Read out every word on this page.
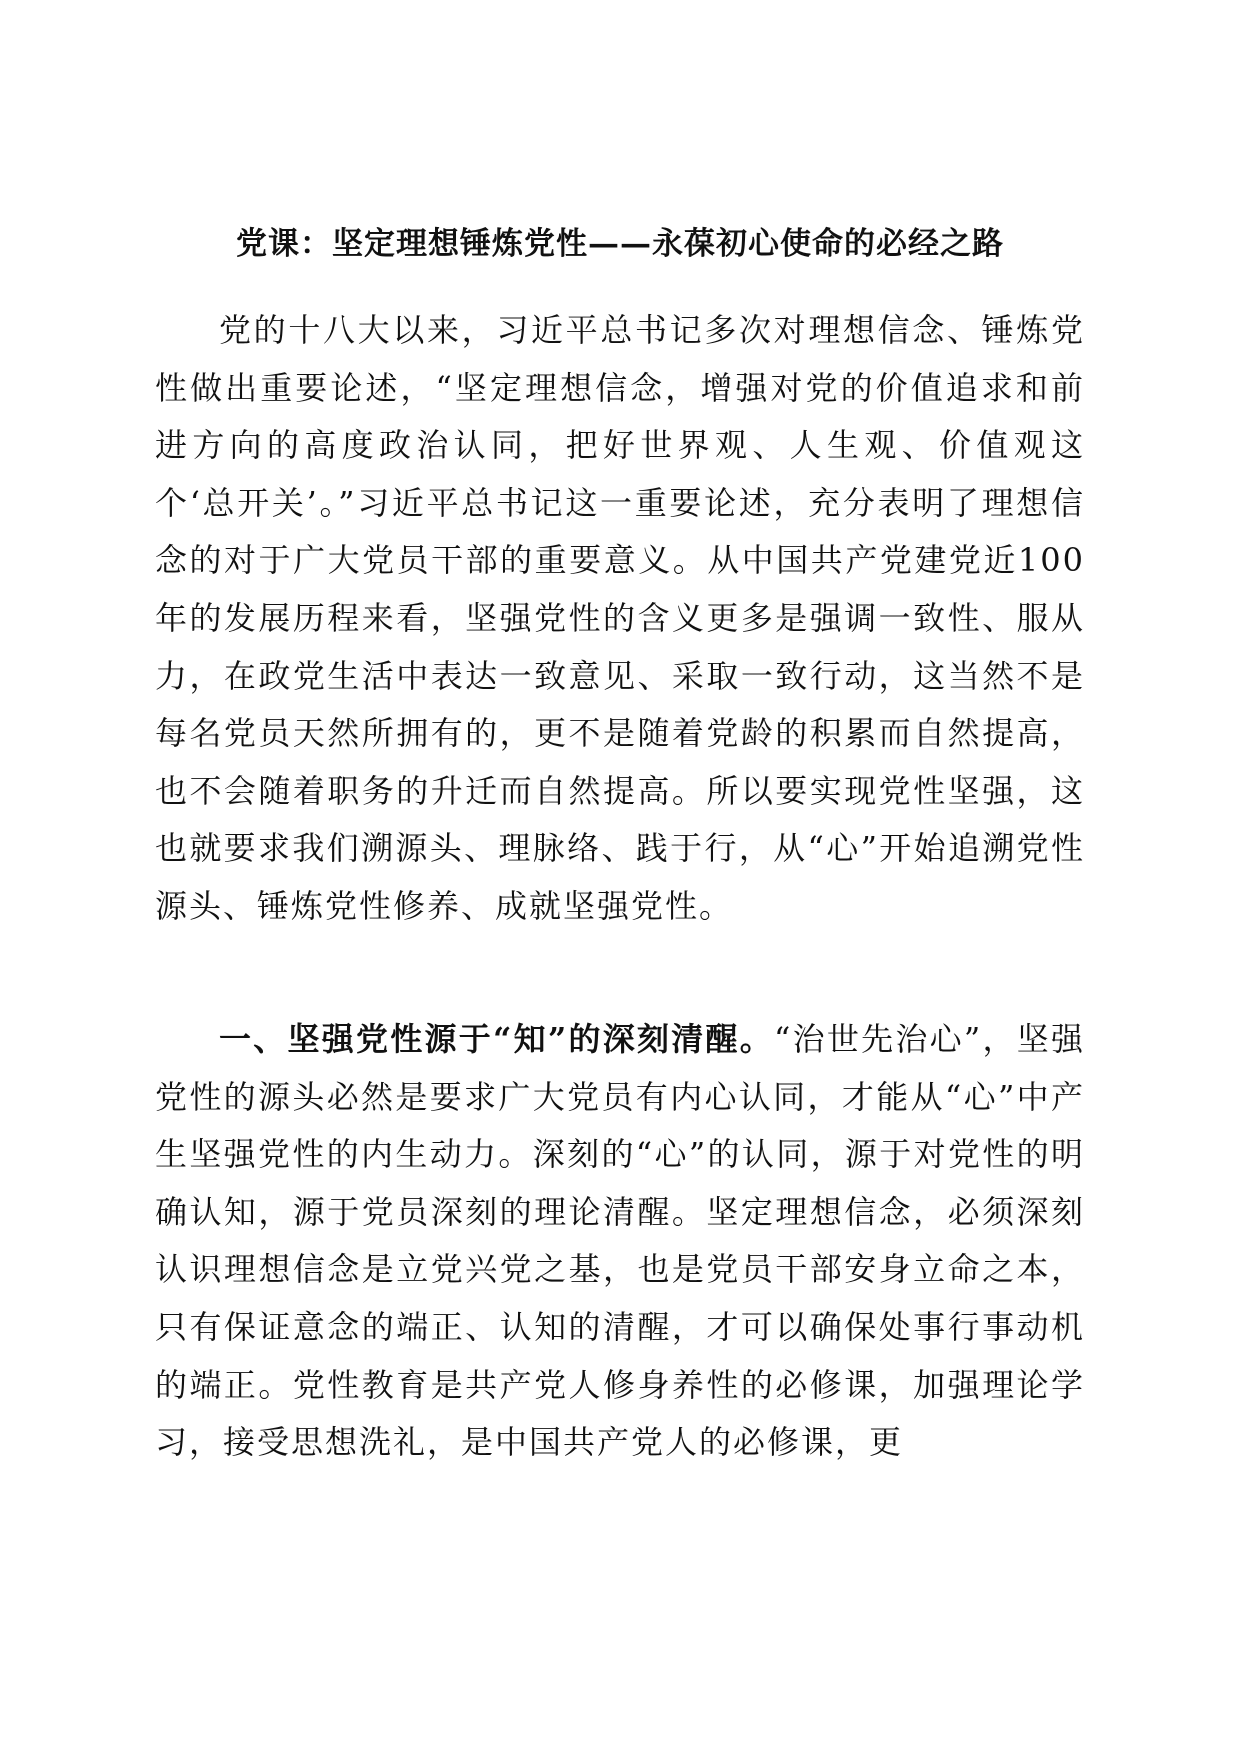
党课：坚定理想锤炼党性——永葆初心使命的必经之路

党的十八大以来，习近平总书记多次对理想信念、锤炼党性做出重要论述，“坚定理想信念，增强对党的价值追求和前进方向的高度政治认同，把好世界观、人生观、价值观这个‘总开关’。”习近平总书记这一重要论述，充分表明了理想信念的对于广大党员干部的重要意义。从中国共产党建党近100年的发展历程来看，坚强党性的含义更多是强调一致性、服从力，在政党生活中表达一致意见、采取一致行动，这当然不是每名党员天然所拥有的，更不是随着党龄的积累而自然提高，也不会随着职务的升迁而自然提高。所以要实现党性坚强，这也就要求我们溯源头、理脉络、践于行，从“心”开始追溯党性源头、锤炼党性修养、成就坚强党性。

一、坚强党性源于“知”的深刻清醒。“治世先治心”，坚强党性的源头必然是要求广大党员有内心认同，才能从“心”中产生坚强党性的内生动力。深刻的“心”的认同，源于对党性的明确认知，源于党员深刻的理论清醒。坚定理想信念，必须深刻认识理想信念是立党兴党之基，也是党员干部安身立命之本，只有保证意念的端正、认知的清醒，才可以确保处事行事动机的端正。党性教育是共产党人修身养性的必修课，加强理论学习，接受思想洗礼，是中国共产党人的必修课，更
